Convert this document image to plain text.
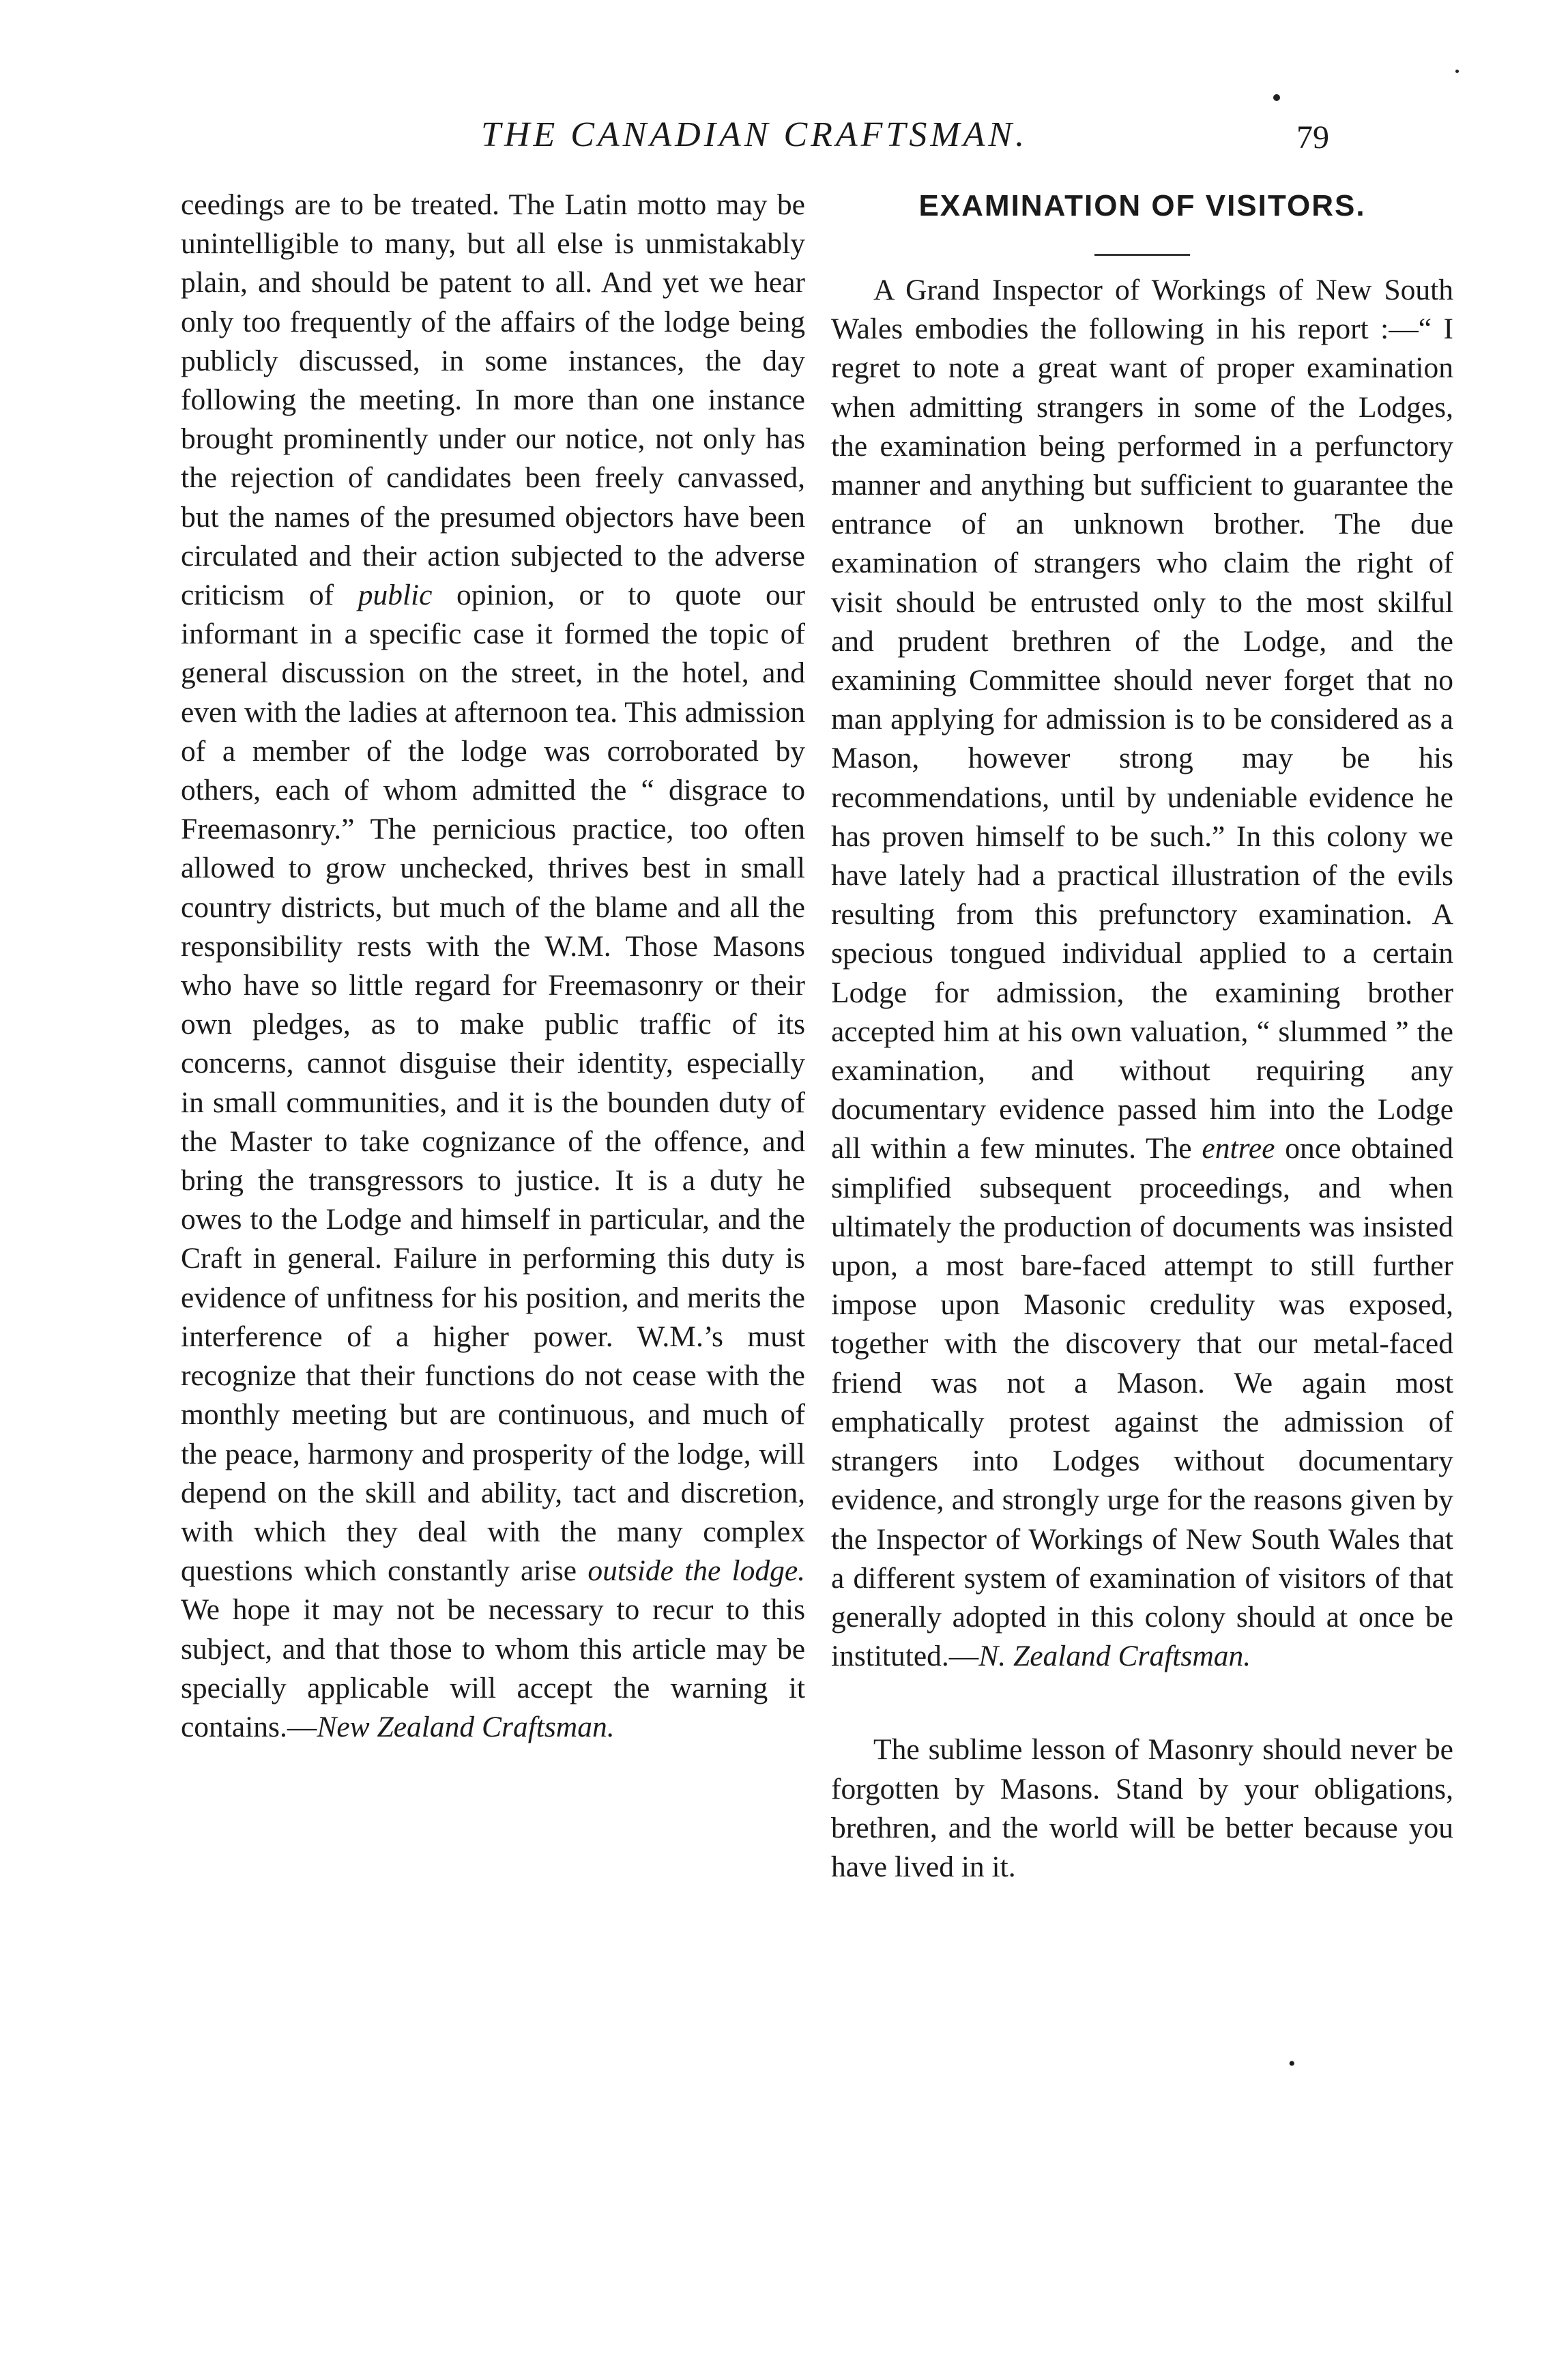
THE CANADIAN CRAFTSMAN.	79

ceedings are to be treated. The Latin motto may be unintelligible to many, but all else is unmistakably plain, and should be patent to all. And yet we hear only too frequently of the affairs of the lodge being publicly discussed, in some instances, the day following the meeting. In more than one instance brought prominently under our notice, not only has the rejection of candidates been freely canvassed, but the names of the presumed objectors have been circulated and their action subjected to the adverse criticism of public opinion, or to quote our informant in a specific case it formed the topic of general discussion on the street, in the hotel, and even with the ladies at afternoon tea. This admission of a member of the lodge was corroborated by others, each of whom admitted the “ disgrace to Freemasonry.” The pernicious practice, too often allowed to grow unchecked, thrives best in small country districts, but much of the blame and all the responsibility rests with the W.M. Those Masons who have so little regard for Freemasonry or their own pledges, as to make public traffic of its concerns, cannot disguise their identity, especially in small communities, and it is the bounden duty of the Master to take cognizance of the offence, and bring the transgressors to justice. It is a duty he owes to the Lodge and himself in particular, and the Craft in general. Failure in performing this duty is evidence of unfitness for his position, and merits the interference of a higher power. W.M.’s must recognize that their functions do not cease with the monthly meeting but are continuous, and much of the peace, harmony and prosperity of the lodge, will depend on the skill and ability, tact and discretion, with which they deal with the many complex questions which constantly arise outside the lodge. We hope it may not be necessary to recur to this subject, and that those to whom this article may be specially applicable will accept the warning it contains.—New Zealand Craftsman.

EXAMINATION OF VISITORS.

A Grand Inspector of Workings of New South Wales embodies the following in his report :—“ I regret to note a great want of proper examination when admitting strangers in some of the Lodges, the examination being performed in a perfunctory manner and anything but sufficient to guarantee the entrance of an unknown brother. The due examination of strangers who claim the right of visit should be entrusted only to the most skilful and prudent brethren of the Lodge, and the examining Committee should never forget that no man applying for admission is to be considered as a Mason, however strong may be his recommendations, until by undeniable evidence he has proven himself to be such.” In this colony we have lately had a practical illustration of the evils resulting from this prefunctory examination. A specious tongued individual applied to a certain Lodge for admission, the examining brother accepted him at his own valuation, “ slummed ” the examination, and without requiring any documentary evidence passed him into the Lodge all within a few minutes. The entree once obtained simplified subsequent proceedings, and when ultimately the production of documents was insisted upon, a most bare-faced attempt to still further impose upon Masonic credulity was exposed, together with the discovery that our metal-faced friend was not a Mason. We again most emphatically protest against the admission of strangers into Lodges without documentary evidence, and strongly urge for the reasons given by the Inspector of Workings of New South Wales that a different system of examination of visitors of that generally adopted in this colony should at once be instituted.—N. Zealand Craftsman.

The sublime lesson of Masonry should never be forgotten by Masons. Stand by your obligations, brethren, and the world will be better because you have lived in it.

•
